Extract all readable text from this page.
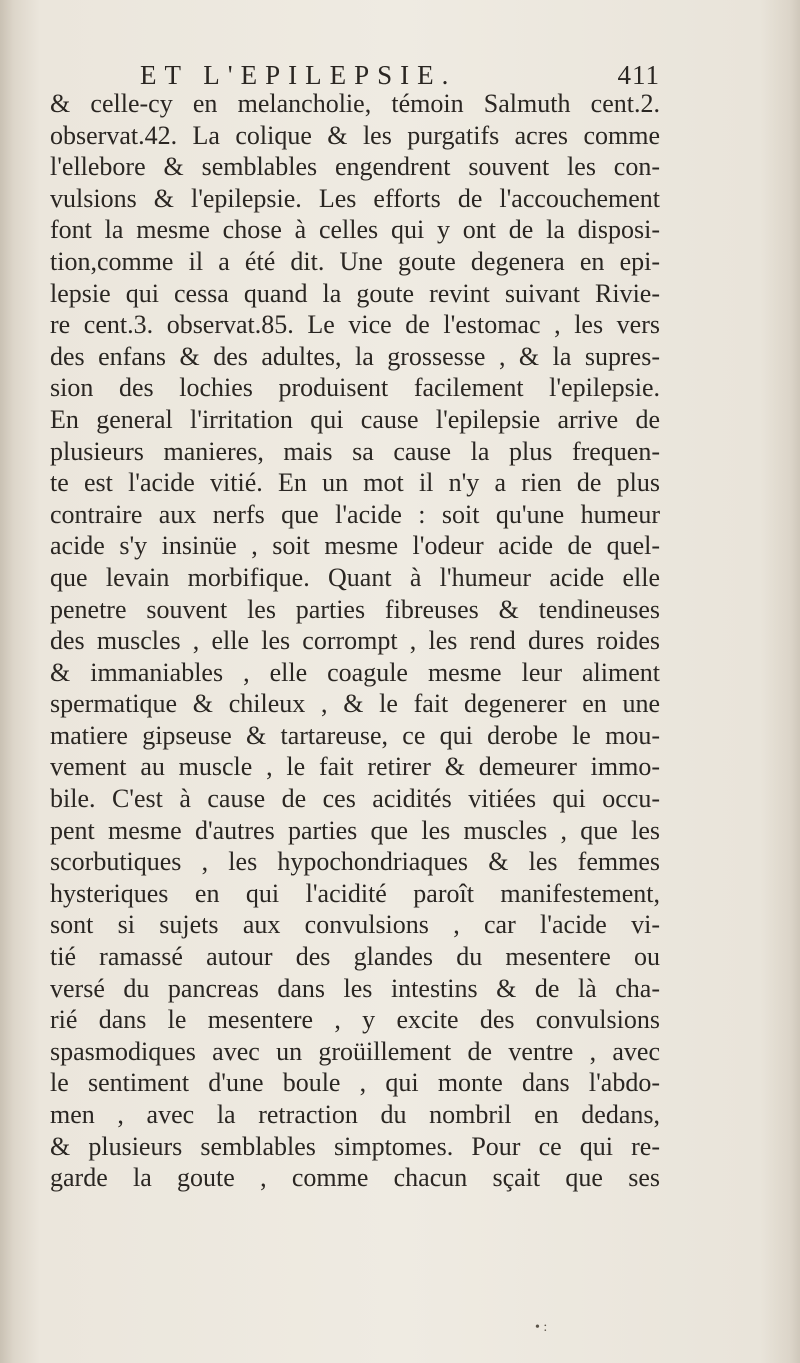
ET L'EPILEPSIE.	411
& celle-cy en melancholie, témoin Salmuth cent.2.
observat.42. La colique & les purgatifs acres comme
l'ellebore & semblables engendrent souvent les con-
vulsions & l'epilepsie. Les efforts de l'accouchement
font la mesme chose à celles qui y ont de la disposi-
tion,comme il a été dit. Une goute degenera en epi-
lepsie qui cessa quand la goute revint suivant Rivie-
re cent.3. observat.85. Le vice de l'estomac , les vers
des enfans & des adultes, la grossesse , & la supres-
sion des lochies produisent facilement l'epilepsie.
En general l'irritation qui cause l'epilepsie arrive de
plusieurs manieres, mais sa cause la plus frequen-
te est l'acide vitié. En un mot il n'y a rien de plus
contraire aux nerfs que l'acide : soit qu'une humeur
acide s'y insinüe , soit mesme l'odeur acide de quel-
que levain morbifique. Quant à l'humeur acide elle
penetre souvent les parties fibreuses & tendineuses
des muscles , elle les corrompt , les rend dures roides
& immaniables , elle coagule mesme leur aliment
spermatique & chileux , & le fait degenerer en une
matiere gipseuse & tartareuse, ce qui derobe le mou-
vement au muscle , le fait retirer & demeurer immo-
bile. C'est à cause de ces acidités vitiées qui occu-
pent mesme d'autres parties que les muscles , que les
scorbutiques , les hypochondriaques & les femmes
hysteriques en qui l'acidité paroît manifestement,
sont si sujets aux convulsions , car l'acide vi-
tié ramassé autour des glandes du mesentere ou
versé du pancreas dans les intestins & de là cha-
rié dans le mesentere , y excite des convulsions
spasmodiques avec un groüillement de ventre , avec
le sentiment d'une boule , qui monte dans l'abdo-
men , avec la retraction du nombril en dedans,
& plusieurs semblables simptomes. Pour ce qui re-
garde la goute , comme chacun sçait que ses
• :
